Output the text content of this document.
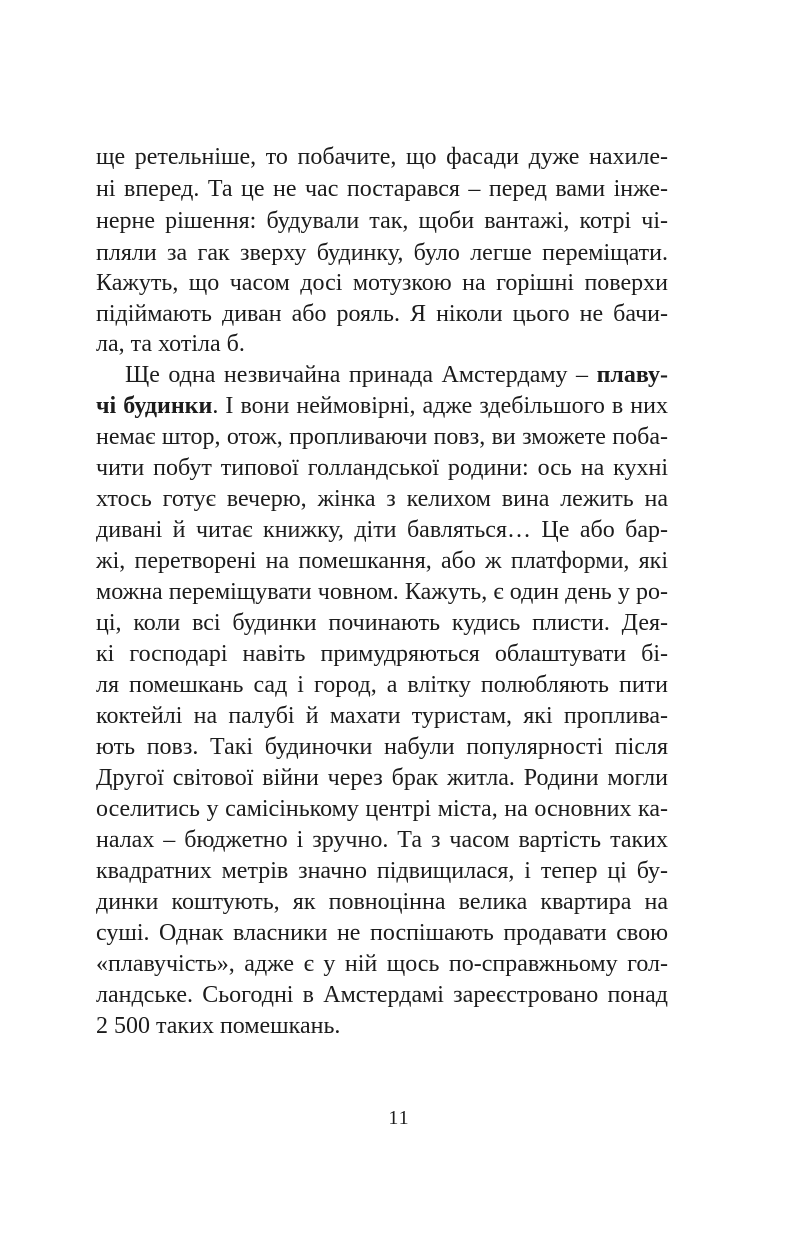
ще ретельніше, то побачите, що фасади дуже нахиле-
ні вперед. Та це не час постарався – перед вами інже-
нерне рішення: будували так, щоби вантажі, котрі чі-
пляли за гак зверху будинку, було легше переміщати.
Кажуть, що часом досі мотузкою на горішні поверхи
підіймають диван або рояль. Я ніколи цього не бачи-
ла, та хотіла б.
Ще одна незвичайна принада Амстердаму – плаву-
чі будинки. І вони неймовірні, адже здебільшого в них
немає штор, отож, пропливаючи повз, ви зможете поба-
чити побут типової голландської родини: ось на кухні
хтось готує вечерю, жінка з келихом вина лежить на
дивані й читає книжку, діти бавляться… Це або бар-
жі, перетворені на помешкання, або ж платформи, які
можна переміщувати човном. Кажуть, є один день у ро-
ці, коли всі будинки починають кудись плисти. Дея-
кі господарі навіть примудряються облаштувати бі-
ля помешкань сад і город, а влітку полюбляють пити
коктейлі на палубі й махати туристам, які проплива-
ють повз. Такі будиночки набули популярності після
Другої світової війни через брак житла. Родини могли
оселитись у самісінькому центрі міста, на основних ка-
налах – бюджетно і зручно. Та з часом вартість таких
квадратних метрів значно підвищилася, і тепер ці бу-
динки коштують, як повноцінна велика квартира на
суші. Однак власники не поспішають продавати свою
«плавучість», адже є у ній щось по-справжньому гол-
ландське. Сьогодні в Амстердамі зареєстровано понад
2 500 таких помешкань.
11
